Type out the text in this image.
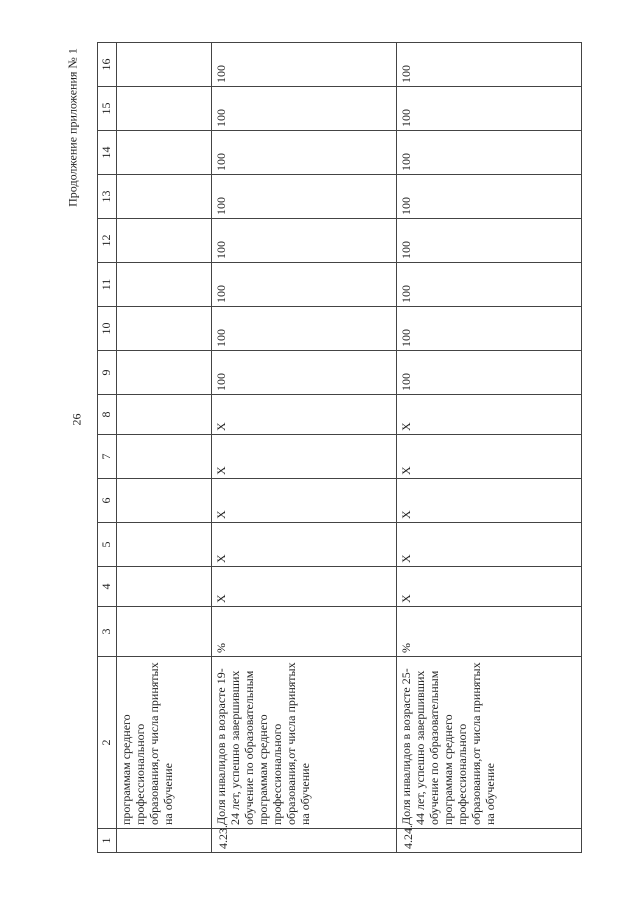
26
Продолжение приложения № 1
1	2	3	4	5	6	7	8	9	10	11	12	13	14	15	16
	программам среднего профессионального образования,от числа принятых на обучение														
4.23.	Доля инвалидов в возрасте 19-24 лет, успешно завершивших обучение по образовательным программам среднего профессионального образования,от числа принятых на обучение	%	X	X	X	X	X	100	100	100	100	100	100	100	100
4.24.	Доля инвалидов в возрасте 25-44 лет, успешно завершивших обучение по образовательным программам среднего профессионального образования,от числа принятых на обучение	%	X	X	X	X	X	100	100	100	100	100	100	100	100
